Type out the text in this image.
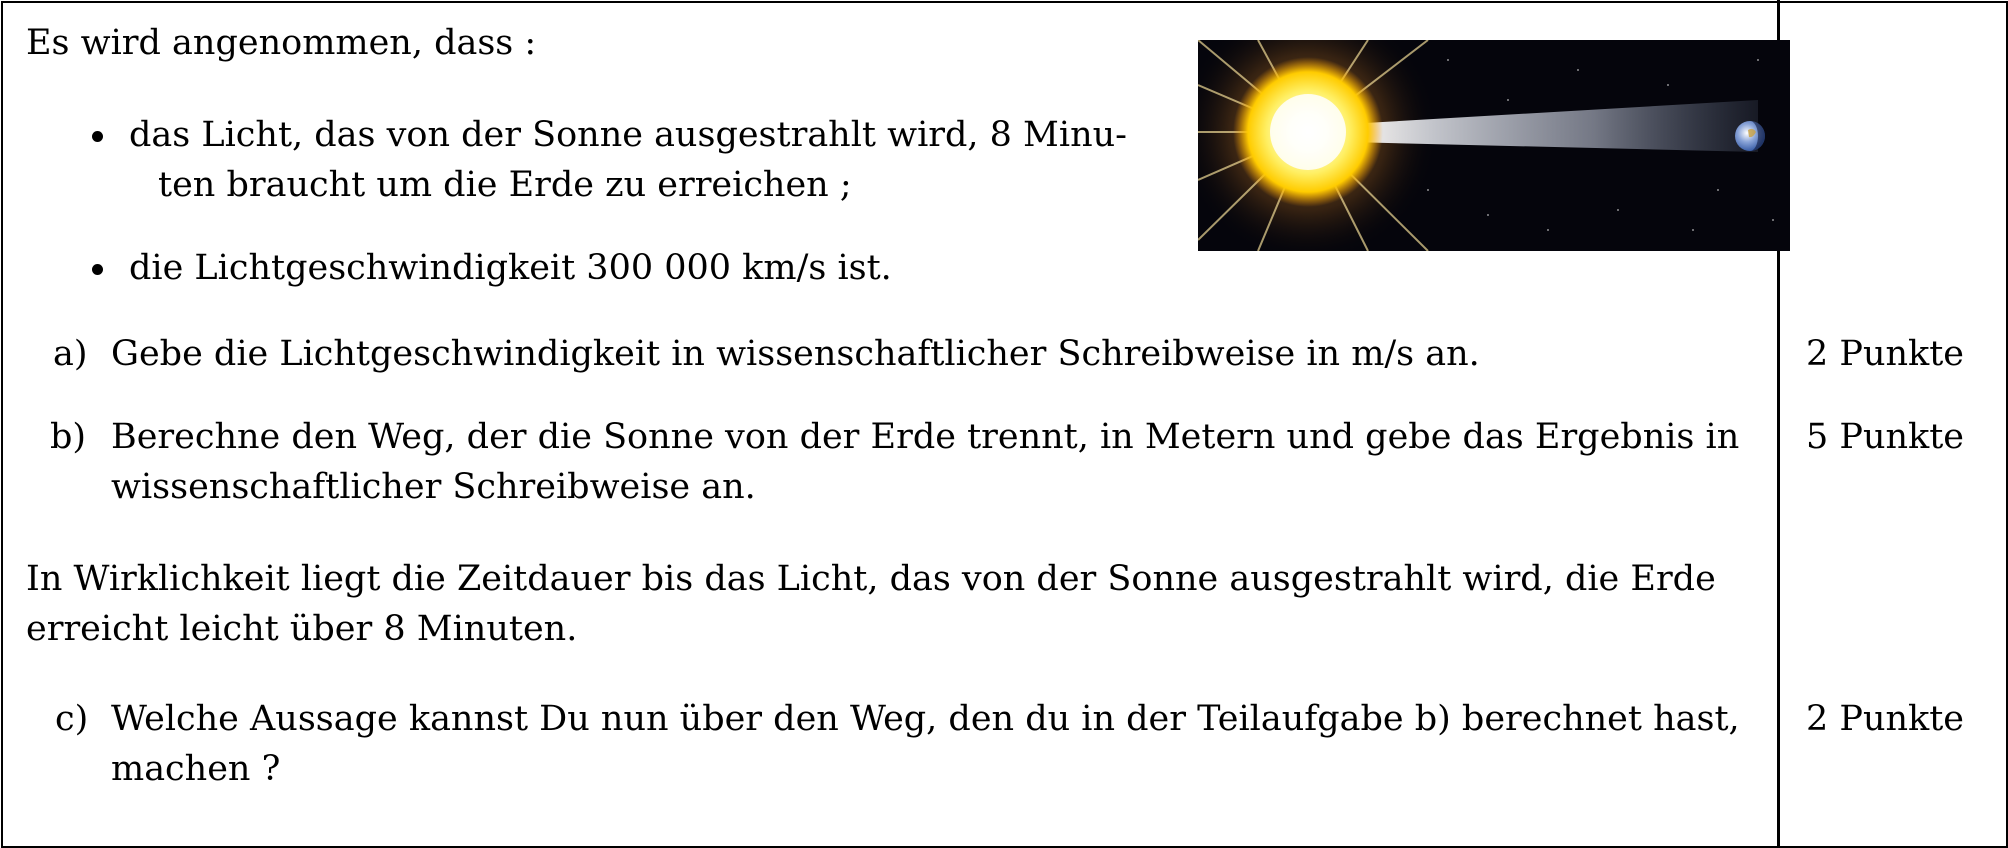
Es wird angenommen, dass :
das Licht, das von der Sonne ausgestrahlt wird, 8 Minu-
ten braucht um die Erde zu erreichen ;
die Lichtgeschwindigkeit 300 000 km/s ist.
a) Gebe die Lichtgeschwindigkeit in wissenschaftlicher Schreibweise in m/s an.	2 Punkte
b) Berechne den Weg, der die Sonne von der Erde trennt, in Metern und gebe das Ergebnis in
wissenschaftlicher Schreibweise an.
5 Punkte
In Wirklichkeit liegt die Zeitdauer bis das Licht, das von der Sonne ausgestrahlt wird, die Erde
erreicht leicht über 8 Minuten.
c) Welche Aussage kannst Du nun über den Weg, den du in der Teilaufgabe b) berechnet hast,
machen ?
2 Punkte
